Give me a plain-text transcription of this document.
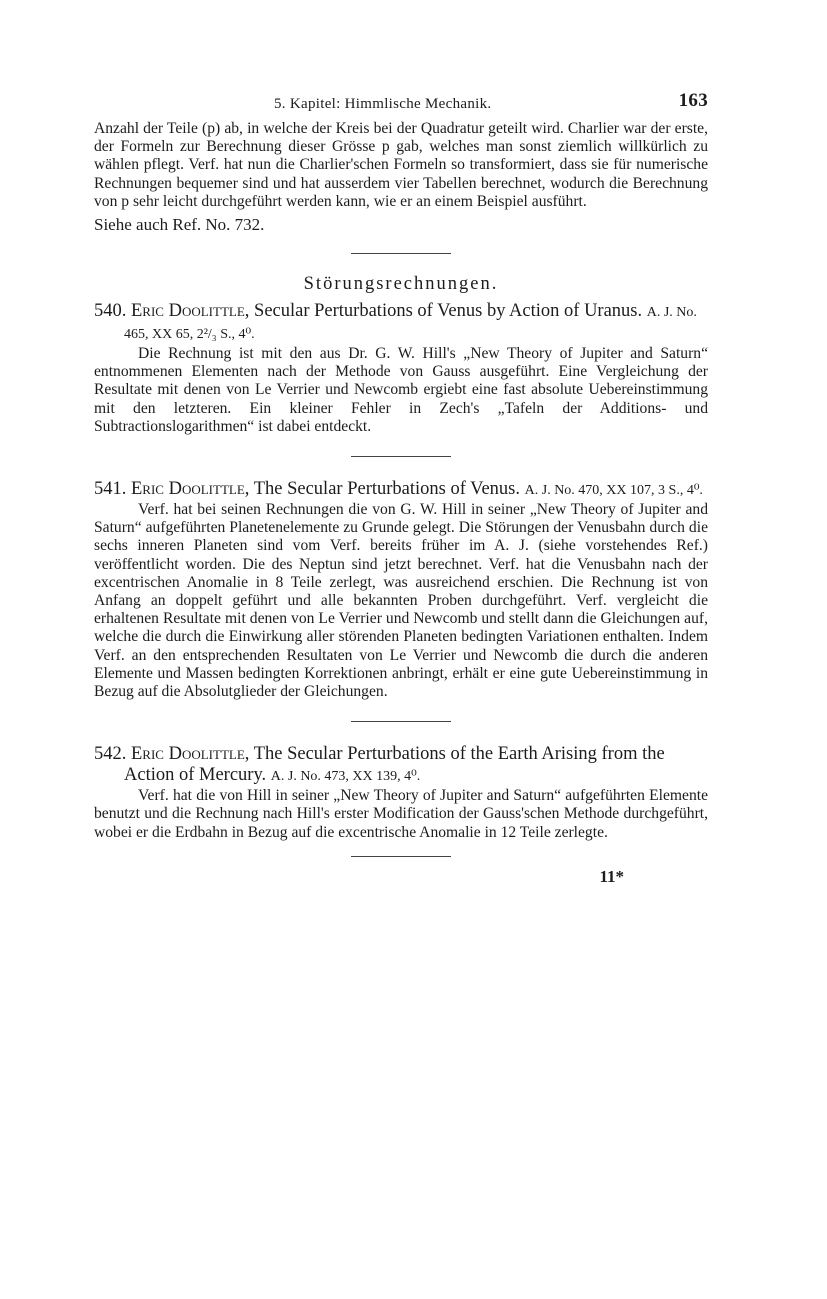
5. Kapitel: Himmlische Mechanik.	163

Anzahl der Teile (p) ab, in welche der Kreis bei der Quadratur geteilt wird. Charlier war der erste, der Formeln zur Berechnung dieser Grösse p gab, welches man sonst ziemlich willkürlich zu wählen pflegt. Verf. hat nun die Charlier'schen Formeln so transformiert, dass sie für numerische Rechnungen bequemer sind und hat ausserdem vier Tabellen berechnet, wodurch die Berechnung von p sehr leicht durchgeführt werden kann, wie er an einem Beispiel ausführt.

Siehe auch Ref. No. 732.
Störungsrechnungen.

540. Eric Doolittle, Secular Perturbations of Venus by Action of Uranus. A. J. No. 465, XX 65, 2²/₃ S., 4⁰.

Die Rechnung ist mit den aus Dr. G. W. Hill's „New Theory of Jupiter and Saturn“ entnommenen Elementen nach der Methode von Gauss ausgeführt. Eine Vergleichung der Resultate mit denen von Le Verrier und Newcomb ergiebt eine fast absolute Uebereinstimmung mit den letzteren. Ein kleiner Fehler in Zech's „Tafeln der Additions- und Subtractionslogarithmen“ ist dabei entdeckt.

541. Eric Doolittle, The Secular Perturbations of Venus. A. J. No. 470, XX 107, 3 S., 4⁰.

Verf. hat bei seinen Rechnungen die von G. W. Hill in seiner „New Theory of Jupiter and Saturn“ aufgeführten Planetenelemente zu Grunde gelegt. Die Störungen der Venusbahn durch die sechs inneren Planeten sind vom Verf. bereits früher im A. J. (siehe vorstehendes Ref.) veröffentlicht worden. Die des Neptun sind jetzt berechnet. Verf. hat die Venusbahn nach der excentrischen Anomalie in 8 Teile zerlegt, was ausreichend erschien. Die Rechnung ist von Anfang an doppelt geführt und alle bekannten Proben durchgeführt. Verf. vergleicht die erhaltenen Resultate mit denen von Le Verrier und Newcomb und stellt dann die Gleichungen auf, welche die durch die Einwirkung aller störenden Planeten bedingten Variationen enthalten. Indem Verf. an den entsprechenden Resultaten von Le Verrier und Newcomb die durch die anderen Elemente und Massen bedingten Korrektionen anbringt, erhält er eine gute Uebereinstimmung in Bezug auf die Absolutglieder der Gleichungen.

542. Eric Doolittle, The Secular Perturbations of the Earth Arising from the Action of Mercury. A. J. No. 473, XX 139, 4⁰.

Verf. hat die von Hill in seiner „New Theory of Jupiter and Saturn“ aufgeführten Elemente benutzt und die Rechnung nach Hill's erster Modification der Gauss'schen Methode durchgeführt, wobei er die Erdbahn in Bezug auf die excentrische Anomalie in 12 Teile zerlegte.

11*
